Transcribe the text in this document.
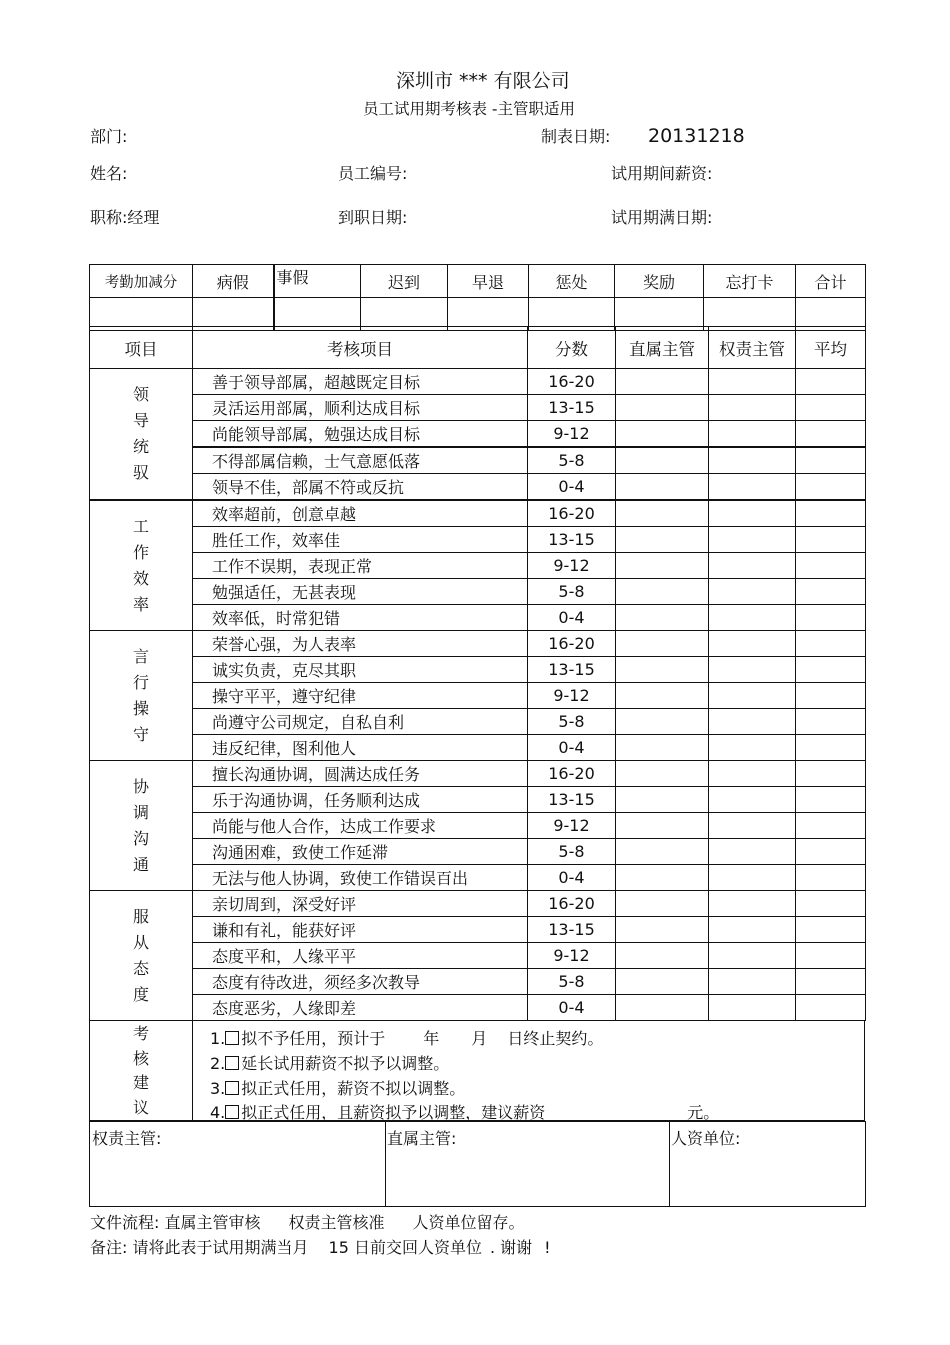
深圳市 *** 有限公司
员工试用期考核表 -主管职适用
部门:	制表日期: 20131218
姓名:	员工编号:	试用期间薪资:
职称:经理	到职日期:	试用期满日期:
考勤加减分	病假	事假	迟到	早退	惩处	奖励	忘打卡	合计

项目	考核项目	分数	直属主管	权责主管	平均

领
导
统
驭	善于领导部属，超越既定目标	16-20			
	灵活运用部属，顺利达成目标	13-15			
	尚能领导部属，勉强达成目标	9-12			
	不得部属信赖，士气意愿低落	5-8			
	领导不佳，部属不符或反抗	0-4			

工
作
效
率	效率超前，创意卓越	16-20			
	胜任工作，效率佳	13-15			
	工作不误期，表现正常	9-12			
	勉强适任，无甚表现	5-8			
	效率低，时常犯错	0-4			

言
行
操
守	荣誉心强，为人表率	16-20			
	诚实负责，克尽其职	13-15			
	操守平平，遵守纪律	9-12			
	尚遵守公司规定，自私自利	5-8			
	违反纪律，图利他人	0-4			

协
调
沟
通	擅长沟通协调，圆满达成任务	16-20			
	乐于沟通协调，任务顺利达成	13-15			
	尚能与他人合作，达成工作要求	9-12			
	沟通困难，致使工作延滞	5-8			
	无法与他人协调，致使工作错误百出	0-4			

服
从
态
度	亲切周到，深受好评	16-20			
	谦和有礼，能获好评	13-15			
	态度平和，人缘平平	9-12			
	态度有待改进，须经多次教导	5-8			
	态度恶劣，人缘即差	0-4			
考
核
建
议
1. 拟不予任用，预计于 年 月 日终止契约。
2. 延长试用薪资不拟予以调整。
3. 拟正式任用，薪资不拟以调整。
4. 拟正式任用，且薪资拟予以调整，建议薪资	元。
权责主管:	直属主管:	人资单位:
文件流程: 直属主管审核 权责主管核准 人资单位留存。
备注: 请将此表于试用期满当月 15 日前交回人资单位 . 谢谢 !
